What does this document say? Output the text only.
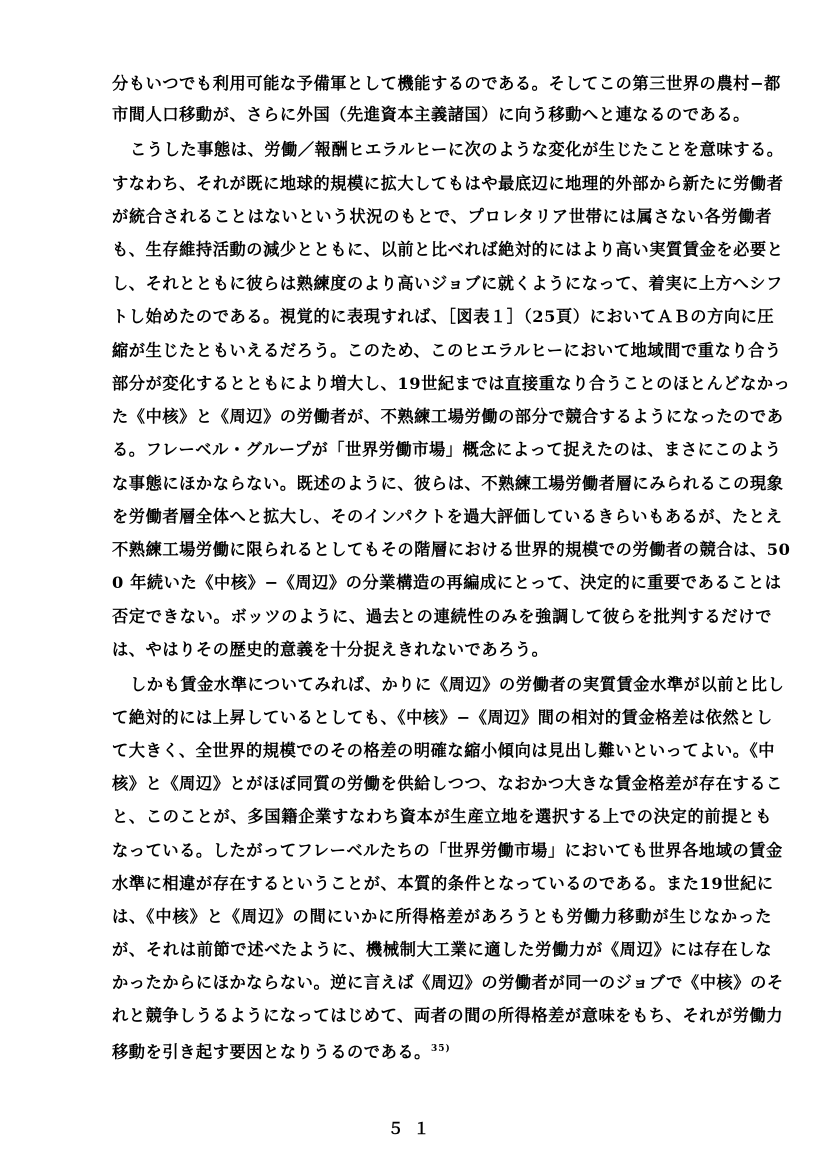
分もいつでも利用可能な予備軍として機能するのである。そしてこの第三世界の農村−都
市間人口移動が、さらに外国（先進資本主義諸国）に向う移動へと連なるのである。
こうした事態は、労働／報酬ヒエラルヒーに次のような変化が生じたことを意味する。
すなわち、それが既に地球的規模に拡大してもはや最底辺に地理的外部から新たに労働者
が統合されることはないという状況のもとで、プロレタリア世帯には属さない各労働者
も、生存維持活動の減少とともに、以前と比べれば絶対的にはより高い実質賃金を必要と
し、それとともに彼らは熟練度のより高いジョブに就くようになって、着実に上方へシフ
トし始めたのである。視覚的に表現すれば、［図表１］（25頁）においてＡＢの方向に圧
縮が生じたともいえるだろう。このため、このヒエラルヒーにおいて地域間で重なり合う
部分が変化するとともにより増大し、19世紀までは直接重なり合うことのほとんどなかっ
た《中核》と《周辺》の労働者が、不熟練工場労働の部分で競合するようになったのであ
る。フレーベル・グループが「世界労働市場」概念によって捉えたのは、まさにこのよう
な事態にほかならない。既述のように、彼らは、不熟練工場労働者層にみられるこの現象
を労働者層全体へと拡大し、そのインパクトを過大評価しているきらいもあるが、たとえ
不熟練工場労働に限られるとしてもその階層における世界的規模での労働者の競合は、50
0 年続いた《中核》−《周辺》の分業構造の再編成にとって、決定的に重要であることは
否定できない。ボッツのように、過去との連続性のみを強調して彼らを批判するだけで
は、やはりその歴史的意義を十分捉えきれないであろう。
しかも賃金水準についてみれば、かりに《周辺》の労働者の実質賃金水準が以前と比し
て絶対的には上昇しているとしても、《中核》−《周辺》間の相対的賃金格差は依然とし
て大きく、全世界的規模でのその格差の明確な縮小傾向は見出し難いといってよい。《中
核》と《周辺》とがほぼ同質の労働を供給しつつ、なおかつ大きな賃金格差が存在するこ
と、このことが、多国籍企業すなわち資本が生産立地を選択する上での決定的前提とも
なっている。したがってフレーベルたちの「世界労働市場」においても世界各地域の賃金
水準に相違が存在するということが、本質的条件となっているのである。また19世紀に
は、《中核》と《周辺》の間にいかに所得格差があろうとも労働力移動が生じなかった
が、それは前節で述べたように、機械制大工業に適した労働力が《周辺》には存在しな
かったからにほかならない。逆に言えば《周辺》の労働者が同一のジョブで《中核》のそ
れと競争しうるようになってはじめて、両者の間の所得格差が意味をもち、それが労働力
移動を引き起す要因となりうるのである。$^{35)}$
５１
